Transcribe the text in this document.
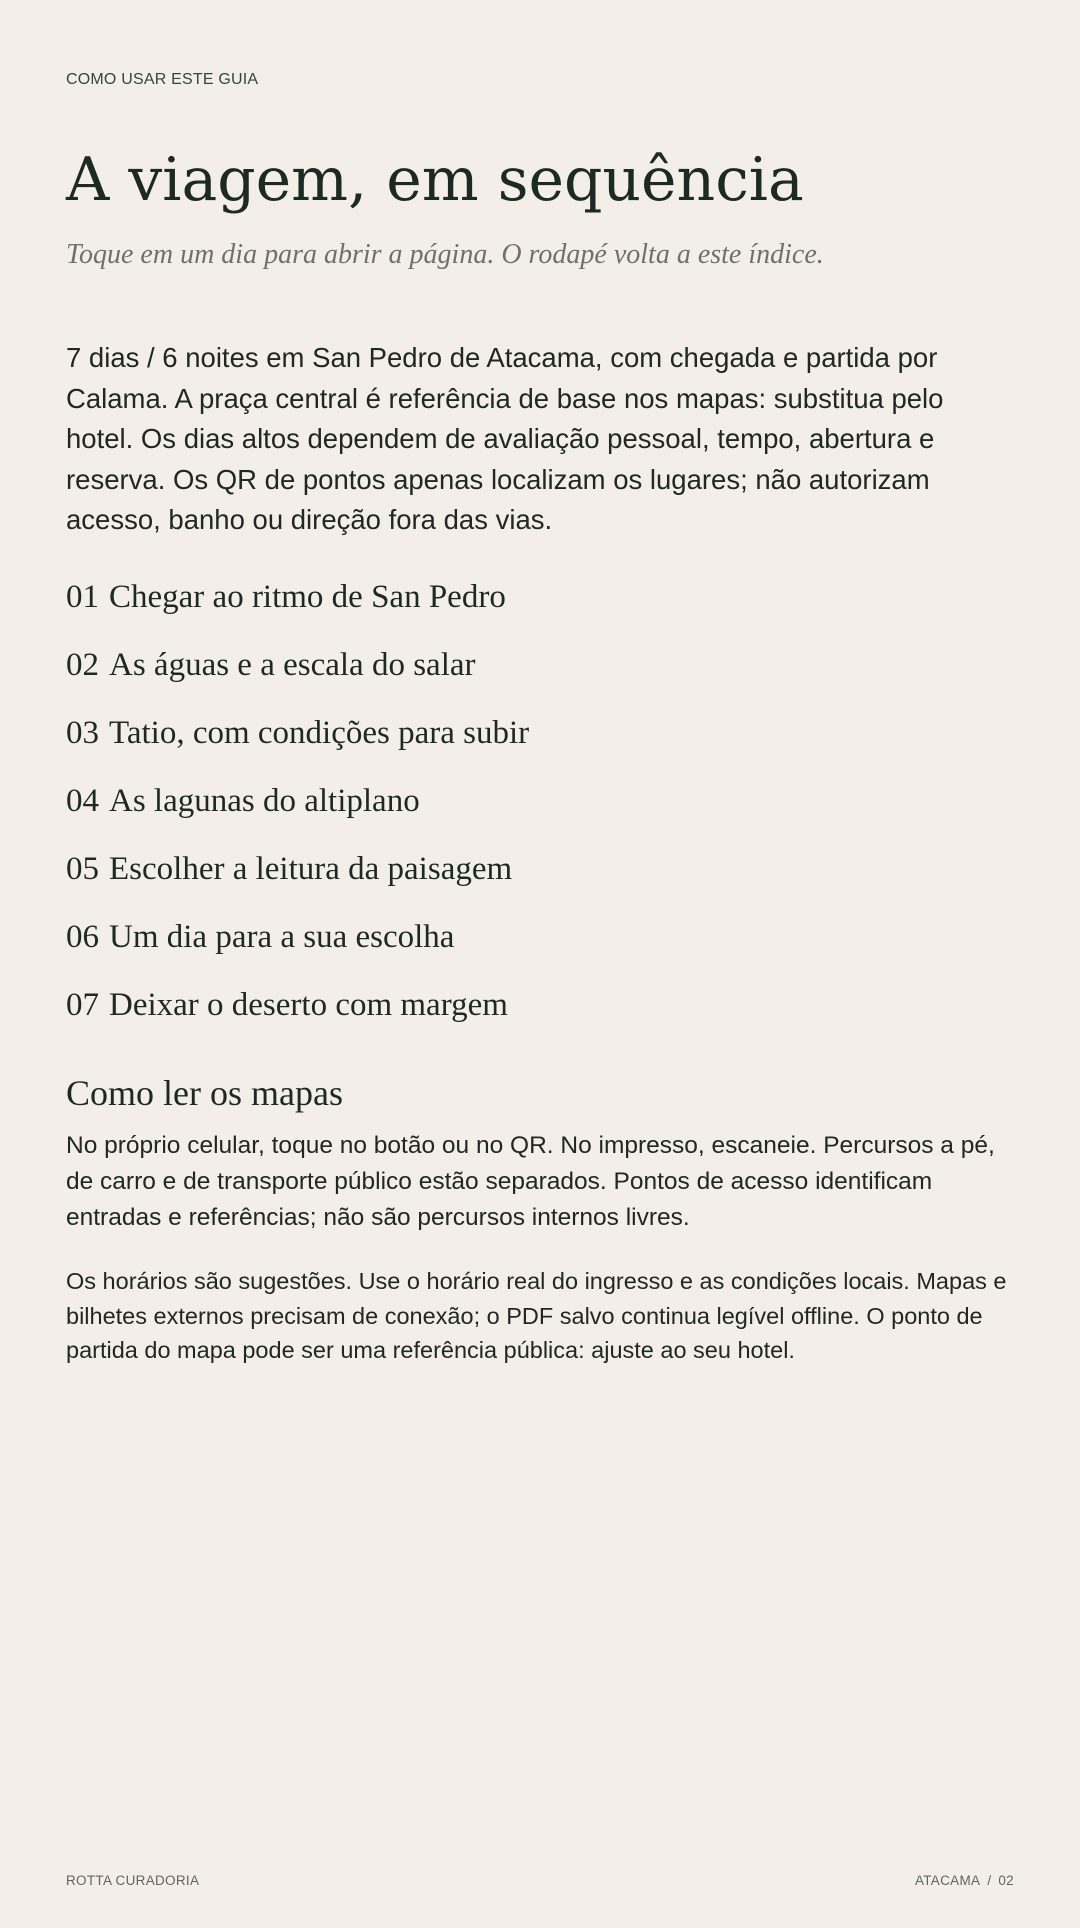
COMO USAR ESTE GUIA
A viagem, em sequência

Toque em um dia para abrir a página. O rodapé volta a este índice.

7 dias / 6 noites em San Pedro de Atacama, com chegada e partida por Calama. A praça central é referência de base nos mapas: substitua pelo hotel. Os dias altos dependem de avaliação pessoal, tempo, abertura e reserva. Os QR de pontos apenas localizam os lugares; não autorizam acesso, banho ou direção fora das vias.

01 Chegar ao ritmo de San Pedro
02 As águas e a escala do salar
03 Tatio, com condições para subir
04 As lagunas do altiplano
05 Escolher a leitura da paisagem
06 Um dia para a sua escolha
07 Deixar o deserto com margem
Como ler os mapas

No próprio celular, toque no botão ou no QR. No impresso, escaneie. Percursos a pé, de carro e de transporte público estão separados. Pontos de acesso identificam entradas e referências; não são percursos internos livres.

Os horários são sugestões. Use o horário real do ingresso e as condições locais. Mapas e bilhetes externos precisam de conexão; o PDF salvo continua legível offline. O ponto de partida do mapa pode ser uma referência pública: ajuste ao seu hotel.

ROTTA CURADORIA	ATACAMA / 02
